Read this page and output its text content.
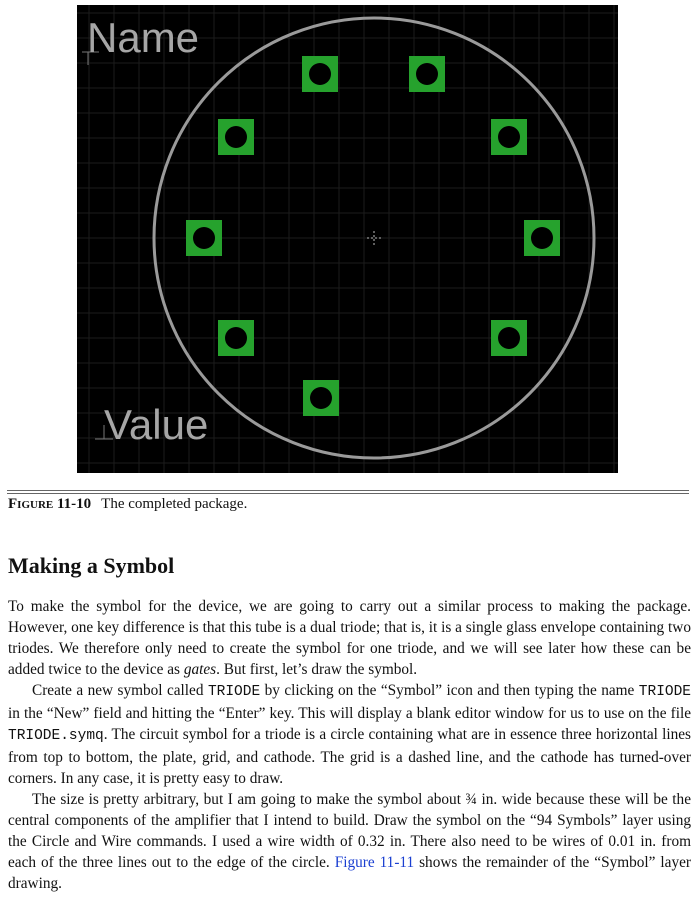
Name
Value
Figure 11-10 The completed package.
Making a Symbol

To make the symbol for the device, we are going to carry out a similar process to making the package. However, one key difference is that this tube is a dual triode; that is, it is a single glass envelope containing two triodes. We therefore only need to create the symbol for one triode, and we will see later how these can be added twice to the device as gates. But first, let’s draw the symbol.

Create a new symbol called TRIODE by clicking on the “Symbol” icon and then typing the name TRIODE in the “New” field and hitting the “Enter” key. This will display a blank editor window for us to use on the file TRIODE.symq. The circuit symbol for a triode is a circle containing what are in essence three horizontal lines from top to bottom, the plate, grid, and cathode. The grid is a dashed line, and the cathode has turned-over corners. In any case, it is pretty easy to draw.

The size is pretty arbitrary, but I am going to make the symbol about ¾ in. wide because these will be the central components of the amplifier that I intend to build. Draw the symbol on the “94 Symbols” layer using the Circle and Wire commands. I used a wire width of 0.32 in. There also need to be wires of 0.01 in. from each of the three lines out to the edge of the circle. Figure 11-11 shows the remainder of the “Symbol” layer drawing.
